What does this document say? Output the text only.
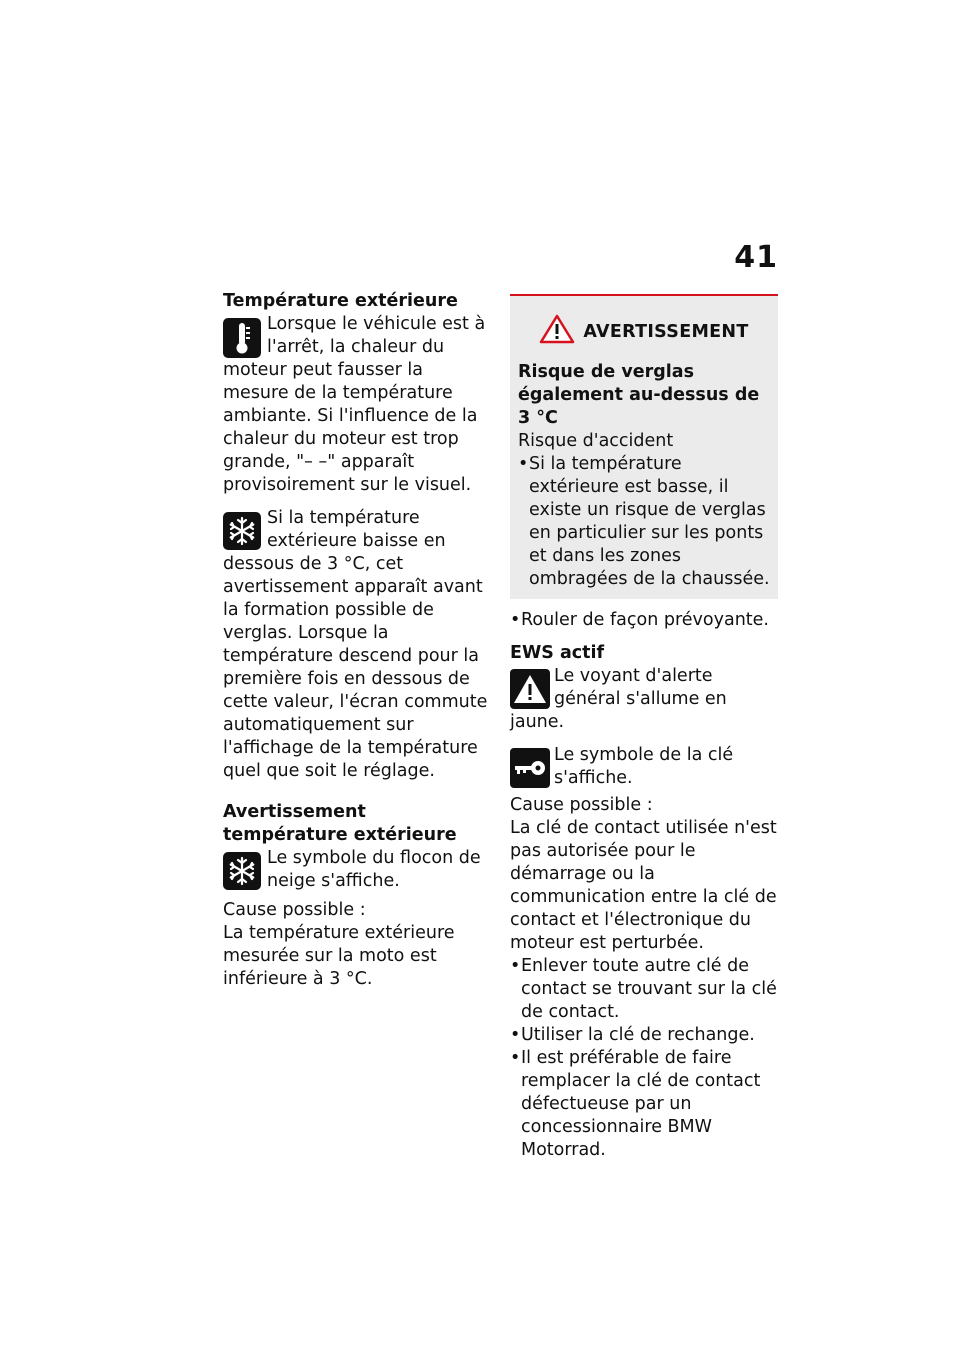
41

Température extérieure

Lorsque le véhicule est à l'arrêt, la chaleur du moteur peut fausser la mesure de la température ambiante. Si l'influence de la chaleur du moteur est trop grande, "– –" apparaît provisoirement sur le visuel.

Si la température extérieure baisse en dessous de 3 °C, cet avertissement apparaît avant la formation possible de verglas. Lorsque la température descend pour la première fois en dessous de cette valeur, l'écran commute automatiquement sur l'affichage de la température quel que soit le réglage.

Avertissement température extérieure

Le symbole du flocon de neige s'affiche.

Cause possible :

La température extérieure mesurée sur la moto est inférieure à 3 °C.

AVERTISSEMENT

Risque de verglas également au-dessus de 3 °C

Risque d'accident

• Si la température extérieure est basse, il existe un risque de verglas en particulier sur les ponts et dans les zones ombragées de la chaussée.

• Rouler de façon prévoyante.

EWS actif

Le voyant d'alerte général s'allume en jaune.

Le symbole de la clé s'affiche.

Cause possible :

La clé de contact utilisée n'est pas autorisée pour le démarrage ou la communication entre la clé de contact et l'électronique du moteur est perturbée.

• Enlever toute autre clé de contact se trouvant sur la clé de contact.
• Utiliser la clé de rechange.
• Il est préférable de faire remplacer la clé de contact défectueuse par un concessionnaire BMW Motorrad.
